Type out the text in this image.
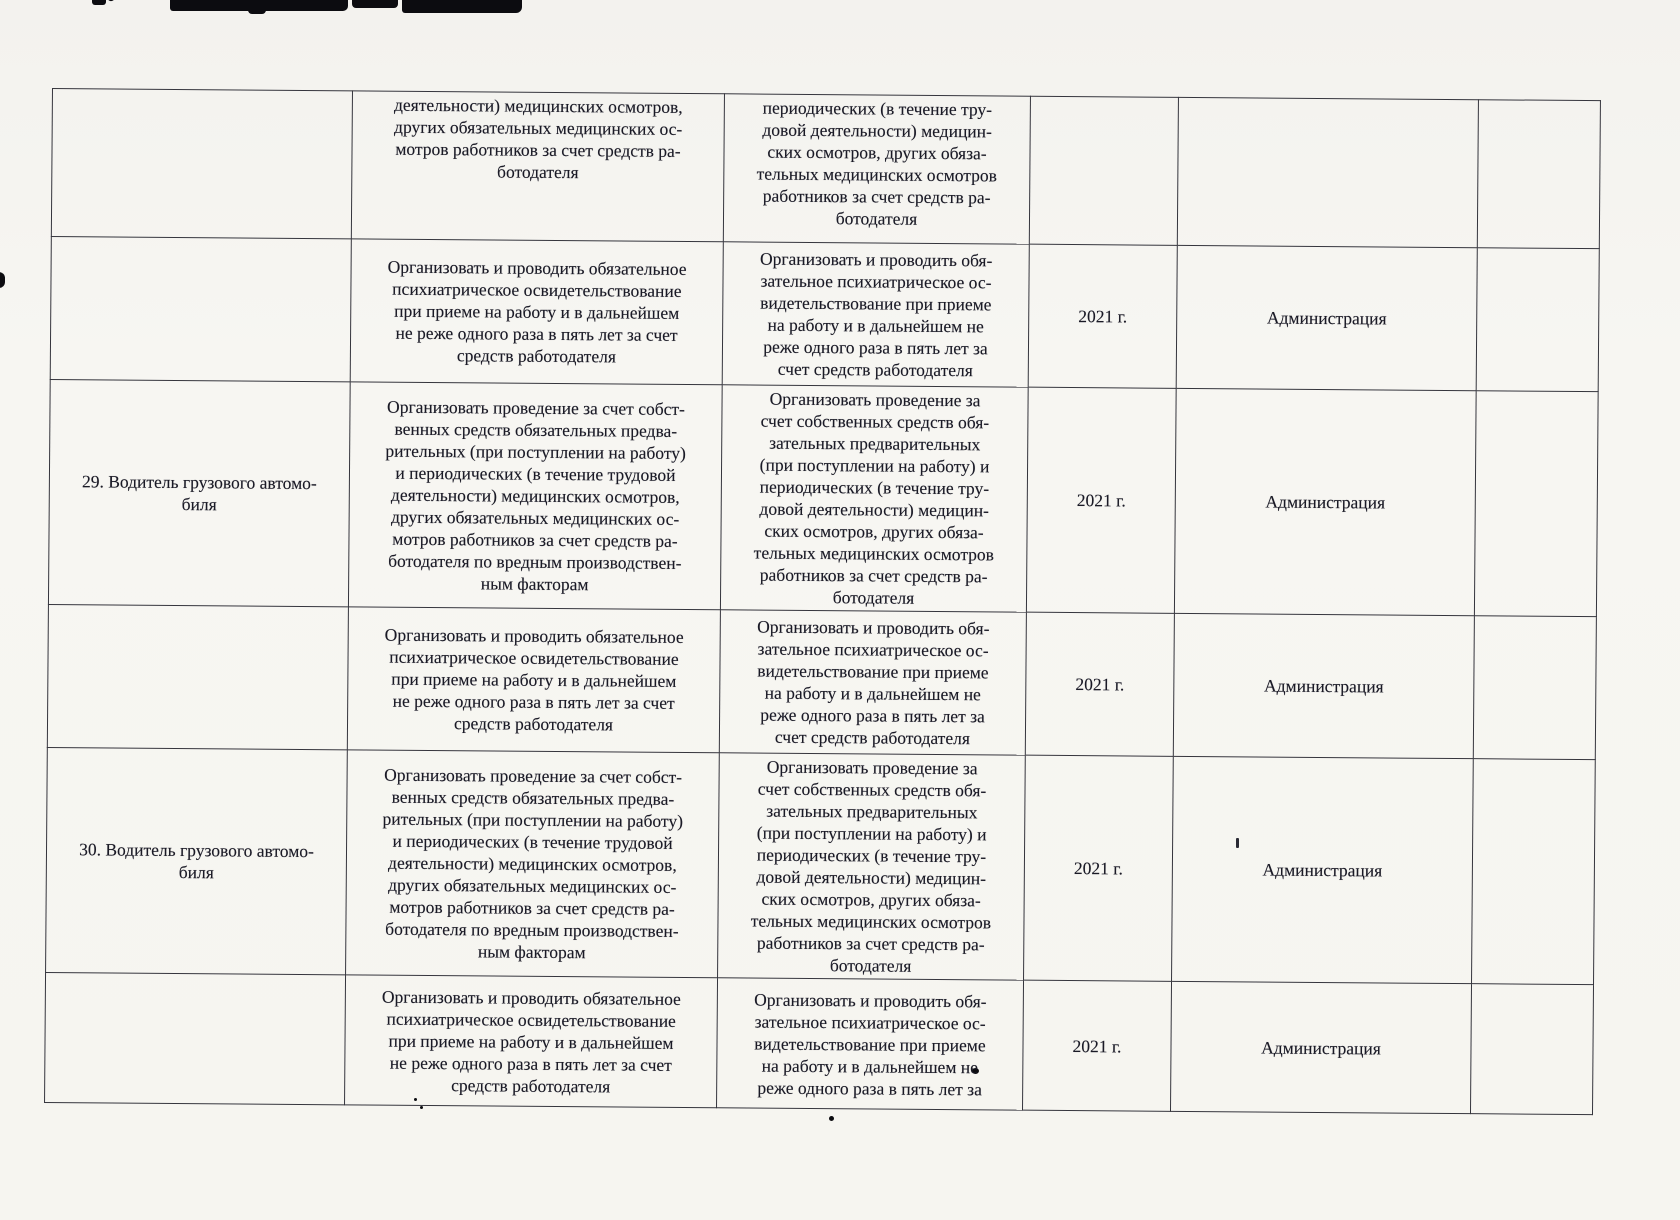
	деятельности) медицинских осмотров,
других обязательных медицинских ос-
мотров работников за счет средств ра-
ботодателя	периодических (в течение тру-
довой деятельности) медицин-
ских осмотров, других обяза-
тельных медицинских осмотров
работников за счет средств ра-
ботодателя			
	Организовать и проводить обязательное
психиатрическое освидетельствование
при приеме на работу и в дальнейшем
не реже одного раза в пять лет за счет
средств работодателя	Организовать и проводить обя-
зательное психиатрическое ос-
видетельствование при приеме
на работу и в дальнейшем не
реже одного раза в пять лет за
счет средств работодателя	2021 г.	Администрация	
29. Водитель грузового автомо-
биля	Организовать проведение за счет собст-
венных средств обязательных предва-
рительных (при поступлении на работу)
и периодических (в течение трудовой
деятельности) медицинских осмотров,
других обязательных медицинских ос-
мотров работников за счет средств ра-
ботодателя по вредным производствен-
ным факторам	Организовать проведение за
счет собственных средств обя-
зательных предварительных
(при поступлении на работу) и
периодических (в течение тру-
довой деятельности) медицин-
ских осмотров, других обяза-
тельных медицинских осмотров
работников за счет средств ра-
ботодателя	2021 г.	Администрация	
	Организовать и проводить обязательное
психиатрическое освидетельствование
при приеме на работу и в дальнейшем
не реже одного раза в пять лет за счет
средств работодателя	Организовать и проводить обя-
зательное психиатрическое ос-
видетельствование при приеме
на работу и в дальнейшем не
реже одного раза в пять лет за
счет средств работодателя	2021 г.	Администрация	
30. Водитель грузового автомо-
биля	Организовать проведение за счет собст-
венных средств обязательных предва-
рительных (при поступлении на работу)
и периодических (в течение трудовой
деятельности) медицинских осмотров,
других обязательных медицинских ос-
мотров работников за счет средств ра-
ботодателя по вредным производствен-
ным факторам	Организовать проведение за
счет собственных средств обя-
зательных предварительных
(при поступлении на работу) и
периодических (в течение тру-
довой деятельности) медицин-
ских осмотров, других обяза-
тельных медицинских осмотров
работников за счет средств ра-
ботодателя	2021 г.	Администрация	
	Организовать и проводить обязательное
психиатрическое освидетельствование
при приеме на работу и в дальнейшем
не реже одного раза в пять лет за счет
средств работодателя	Организовать и проводить обя-
зательное психиатрическое ос-
видетельствование при приеме
на работу и в дальнейшем не
реже одного раза в пять лет за	2021 г.	Администрация	
